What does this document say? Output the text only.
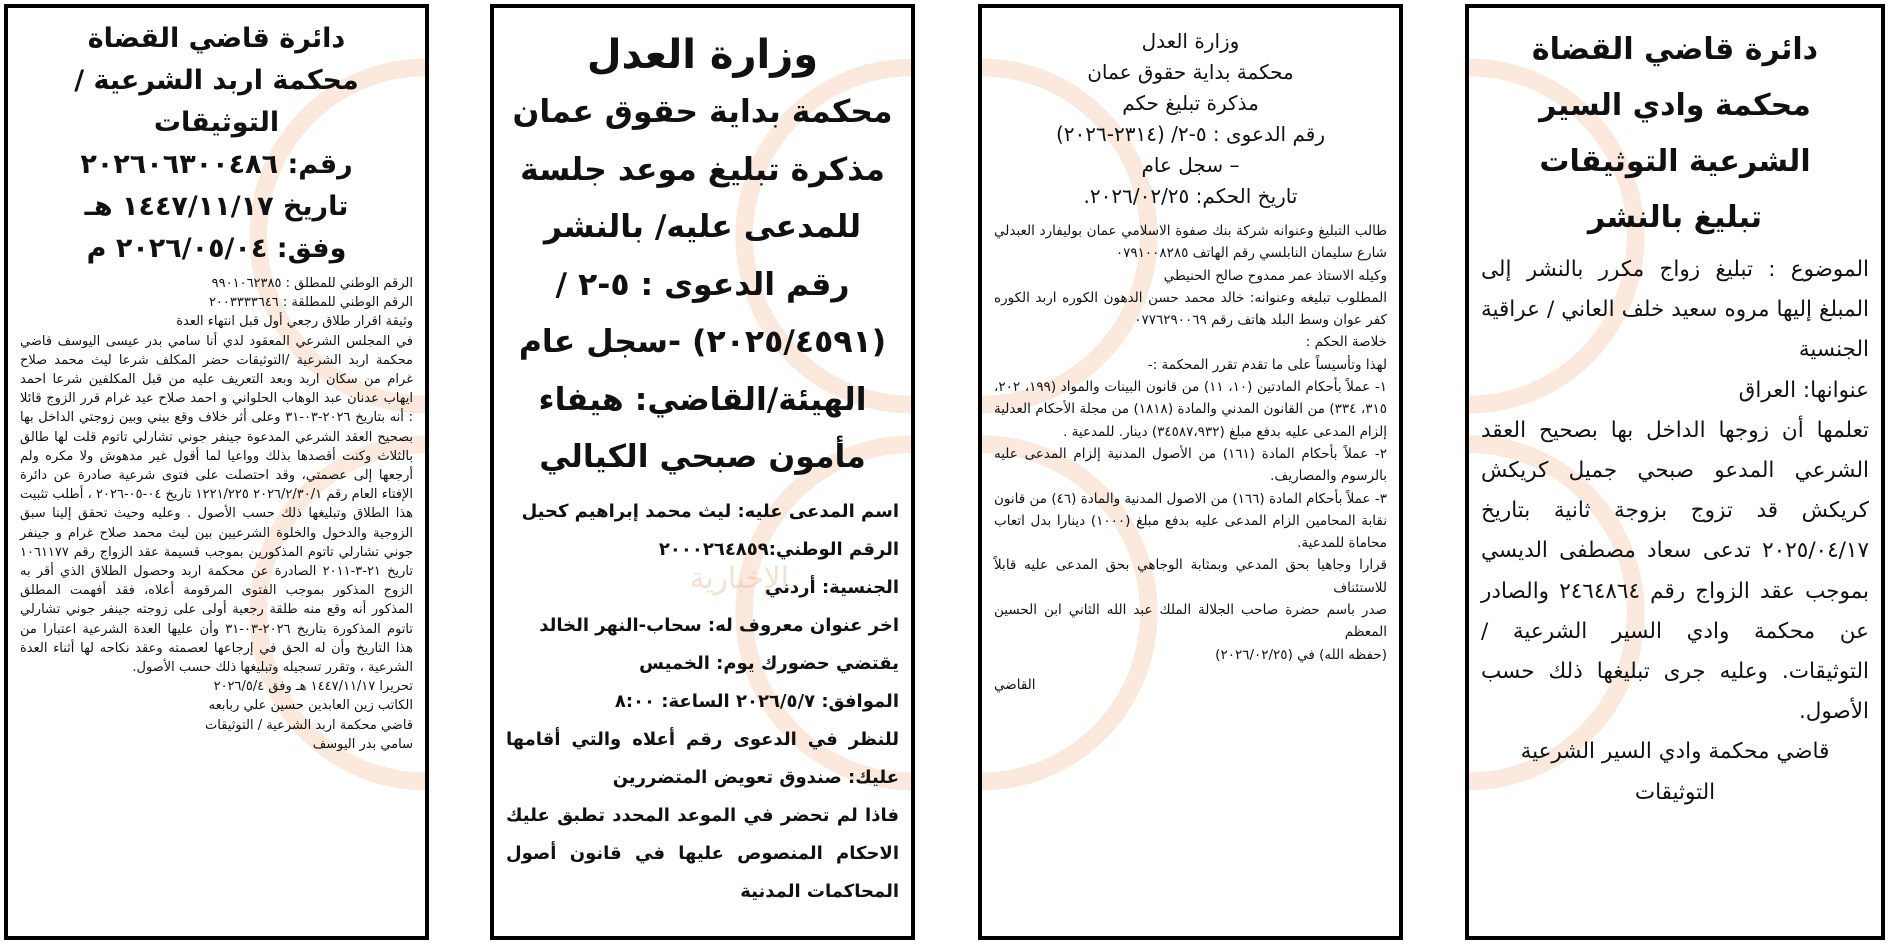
دائرة قاضي القضاة
محكمة اربد الشرعية /
التوثيقات
رقم: ٢٠٢٦٠٦٣٠٠٤٨٦
تاريخ ١٤٤٧/١١/١٧ هـ
وفق: ٢٠٢٦/٠٥/٠٤ م

الرقم الوطني للمطلق : ٩٩٠١٠٦٢٣٨٥

الرقم الوطني للمطلقة : ٢٠٠٣٣٣٣٦٤٦

وثيقة اقرار طلاق رجعي أول قبل انتهاء العدة

في المجلس الشرعي المعقود لدي أنا سامي بدر عيسى اليوسف قاضي محكمة اربد الشرعية /التوثيقات حضر المكلف شرعا ليث محمد صلاح غرام من سكان اربد وبعد التعريف عليه من قبل المكلفين شرعا احمد ايهاب عدنان عبد الوهاب الحلواني و احمد صلاح عيد غرام قرر الزوج قائلا : أنه بتاريخ ٢٠٢٦-٠٣-٣١ وعلى أثر خلاف وقع بيني وبين زوجتي الداخل بها بصحيح العقد الشرعي المدعوة جينفر جوني تشارلي تاتوم قلت لها طالق بالثلاث وكنت أقصدها بذلك وواعيا لما أقول غير مدهوش ولا مكره ولم أرجعها إلى عصمتي، وقد احتصلت على فتوى شرعية صادرة عن دائرة الإفتاء العام رقم ٢٠٢٦/٢/٣٠/١ ١٢٢١/٢٢٥ تاريخ ٠٤-٠٥-٢٠٢٦ ، أطلب تثبيت هذا الطلاق وتبليغها ذلك حسب الأصول . وعليه وحيث تحقق إلينا سبق الزوجية والدخول والخلوة الشرعيين بين ليث محمد صلاح غرام و جينفر جوني تشارلي تاتوم المذكورين بموجب قسيمة عقد الزواج رقم ١٠٦١١٧٧ تاريخ ٢١-٣-٢٠١١ الصادرة عن محكمة اربد وحصول الطلاق الذي أقر به الزوج المذكور بموجب الفتوى المرقومة أعلاه، فقد أفهمت المطلق المذكور أنه وقع منه طلقة رجعية أولى على زوجته جينفر جوني تشارلي تاتوم المذكورة بتاريخ ٢٠٢٦-٠٣-٣١ وأن عليها العدة الشرعية اعتبارا من هذا التاريخ وأن له الحق في إرجاعها لعصمته وعقد نكاحه لها أثناء العدة الشرعية ، وتقرر تسجيله وتبليغها ذلك حسب الأصول.

تحريرا ١٤٤٧/١١/١٧ هـ وفق ٢٠٢٦/٥/٤

الكاتب زين العابدين حسين علي ربابعه

قاضي محكمة اربد الشرعية / التوثيقات

سامي بدر اليوسف

الإخبارية
وزارة العدل
محكمة بداية حقوق عمان
مذكرة تبليغ موعد جلسة
للمدعى عليه/ بالنشر
رقم الدعوى : ٥-٢ /
(٢٠٢٥/٤٥٩١) -سجل عام
الهيئة/القاضي: هيفاء
مأمون صبحي الكيالي

اسم المدعى عليه: ليث محمد إبراهيم كحيل

الرقم الوطني:٢٠٠٠٢٦٤٨٥٩

الجنسية: أردني

اخر عنوان معروف له: سحاب-النهر الخالد

يقتضي حضورك يوم: الخميس

الموافق: ٢٠٢٦/٥/٧ الساعة: ٨:٠٠

للنظر في الدعوى رقم أعلاه والتي أقامها عليك: صندوق تعويض المتضررين

فاذا لم تحضر في الموعد المحدد تطبق عليك الاحكام المنصوص عليها في قانون أصول المحاكمات المدنية

وزارة العدل
محكمة بداية حقوق عمان
مذكرة تبليغ حكم
رقم الدعوى : ٥-٢/ (٢٣١٤-٢٠٢٦)
– سجل عام
تاريخ الحكم: ٢٠٢٦/٠٢/٢٥.

طالب التبليغ وعنوانه شركة بنك صفوة الاسلامي عمان بوليفارد العبدلي شارع سليمان النابلسي رقم الهاتف ٠٧٩١٠٠٨٢٨٥

وكيله الاستاذ عمر ممدوح صالح الحنيطي

المطلوب تبليغه وعنوانه: خالد محمد حسن الدهون الكوره اربد الكوره كفر عوان وسط البلد هاتف رقم ٠٧٧٦٢٩٠٠٦٩

خلاصة الحكم :

لهذا وتأسيساً على ما تقدم تقرر المحكمة :-

١- عملاً بأحكام المادتين (١٠، ١١) من قانون البينات والمواد (١٩٩، ٢٠٢، ٣١٥، ٣٣٤) من القانون المدني والمادة (١٨١٨) من مجلة الأحكام العدلية إلزام المدعى عليه بدفع مبلغ (٣٤٥٨٧،٩٣٢) دينار. للمدعية .

٢- عملاً بأحكام المادة (١٦١) من الأصول المدنية إلزام المدعى عليه بالرسوم والمصاريف.

٣- عملاً بأحكام المادة (١٦٦) من الاصول المدنية والمادة (٤٦) من قانون نقابة المحامين الزام المدعى عليه بدفع مبلغ (١٠٠٠) دينارا بدل اتعاب محاماة للمدعية.

قرارا وجاهيا بحق المدعي وبمثابة الوجاهي بحق المدعى عليه قابلاً للاستئناف

صدر باسم حضرة صاحب الجلالة الملك عبد الله الثاني ابن الحسين المعظم

(حفظه الله) في (٢٠٢٦/٠٢/٢٥)

القاضي

دائرة قاضي القضاة
محكمة وادي السير
الشرعية التوثيقات
تبليغ بالنشر

الموضوع : تبليغ زواج مكرر بالنشر إلى المبلغ إليها مروه سعيد خلف العاني / عراقية الجنسية

عنوانها: العراق

تعلمها أن زوجها الداخل بها بصحيح العقد الشرعي المدعو صبحي جميل كريكش كريكش قد تزوج بزوجة ثانية بتاريخ ٢٠٢٥/٠٤/١٧ تدعى سعاد مصطفى الديسي بموجب عقد الزواج رقم ٢٤٦٤٨٦٤ والصادر عن محكمة وادي السير الشرعية / التوثيقات. وعليه جرى تبليغها ذلك حسب الأصول.

قاضي محكمة وادي السير الشرعية

التوثيقات
